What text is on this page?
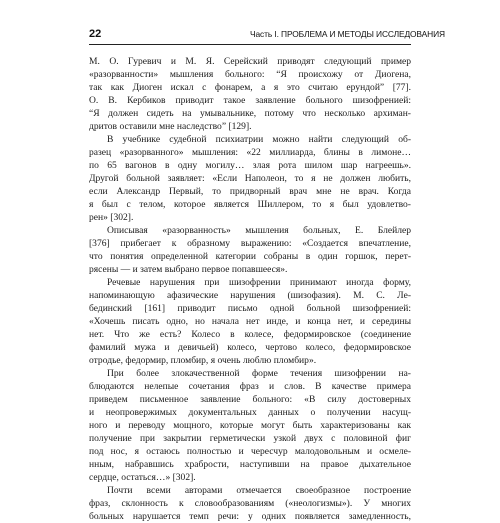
22	Часть I. ПРОБЛЕМА И МЕТОДЫ ИССЛЕДОВАНИЯ
М. О. Гуревич и М. Я. Серейский приводят следующий пример
«разорванности» мышления больного: “Я происхожу от Диогена,
так как Диоген искал с фонарем, а я это считаю ерундой” [77].
О. В. Кербиков приводит такое заявление больного шизофренией:
“Я должен сидеть на умывальнике, потому что несколько архиман-
дритов оставили мне наследство” [129].
В учебнике судебной психиатрии можно найти следующий об-
разец «разорванного» мышления: «22 миллиарда, блины в лимоне…
по 65 вагонов в одну могилу… злая рота шилом шар нагреешь».
Другой больной заявляет: «Если Наполеон, то я не должен любить,
если Александр Первый, то придворный врач мне не врач. Когда
я был с телом, которое является Шиллером, то я был удовлетво-
рен» [302].
Описывая «разорванность» мышления больных, Е. Блейлер
[376] прибегает к образному выражению: «Создается впечатление,
что понятия определенной категории собраны в один горшок, перет-
рясены — и затем выбрано первое попавшееся».
Речевые нарушения при шизофрении принимают иногда форму,
напоминающую афазические нарушения (шизофазия). М. С. Ле-
бединский [161] приводит письмо одной больной шизофренией:
«Хочешь писать одно, но начала нет инде, и конца нет, и середины
нет. Что же есть? Колесо в колесе, федормировское (соединение
фамилий мужа и девичьей) колесо, чертово колесо, федормировское
отродье, федормир, пломбир, я очень люблю пломбир».
При более злокачественной форме течения шизофрении на-
блюдаются нелепые сочетания фраз и слов. В качестве примера
приведем письменное заявление больного: «В силу достоверных
и неопровержимых документальных данных о получении насущ-
ного и переводу мощного, которые могут быть характеризованы как
получение при закрытии герметически узкой двух с половиной фиг
под нос, я остаюсь полностью и чересчур малодовольным и осмеле-
нным, набравшись храбрости, наступивши на правое дыхательное
сердце, остаться…» [302].
Почти всеми авторами отмечается своеобразное построение
фраз, склонность к словообразованиям («неологизмы»). У многих
больных нарушается темп речи: у одних появляется замедленность,
